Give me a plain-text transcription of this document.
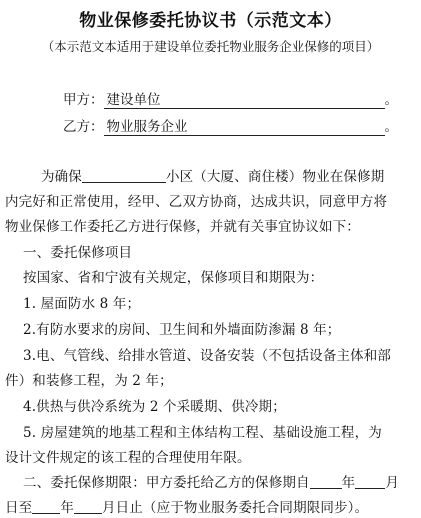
物业保修委托协议书（示范文本）
（本示范文本适用于建设单位委托物业服务企业保修的项目）
甲方： 建设单位	。
乙方： 物业服务企业	。
为确保	小区（大厦、商住楼）物业在保修期
内完好和正常使用，经甲、乙双方协商，达成共识，同意甲方将
物业保修工作委托乙方进行保修，并就有关事宜协议如下：
一、委托保修项目
按国家、省和宁波有关规定，保修项目和期限为：
1. 屋面防水 8 年；
2.有防水要求的房间、卫生间和外墙面防渗漏 8 年；
3.电、气管线、给排水管道、设备安装（不包括设备主体和部
件）和装修工程，为 2 年；
4.供热与供冷系统为 2 个采暖期、供冷期；
5. 房屋建筑的地基工程和主体结构工程、基础设施工程，为
设计文件规定的该工程的合理使用年限。
二、委托保修期限：甲方委托给乙方的保修期自 年 月
日至 年 月日止（应于物业服务委托合同期限同步）。
